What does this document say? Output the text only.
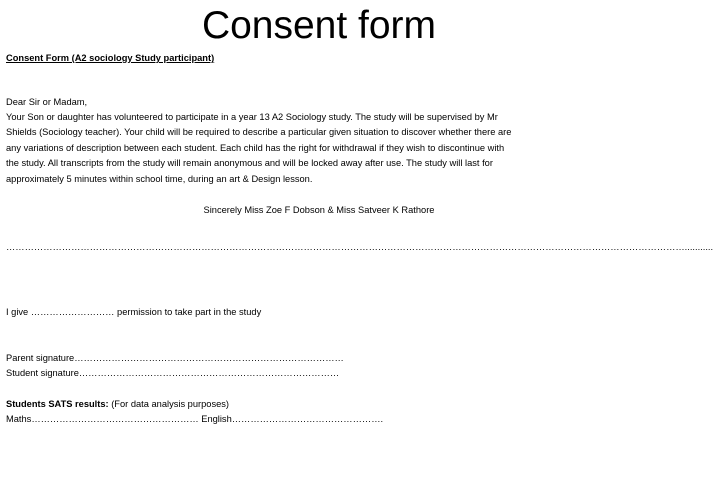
Consent form
Consent Form (A2 sociology Study participant)
Dear Sir or Madam,
Your Son or daughter has volunteered to participate in a year 13 A2 Sociology study. The study will be supervised by Mr
Shields (Sociology teacher). Your child will be required to describe a particular given situation to discover whether there are
any variations of description between each student. Each child has the right for withdrawal if they wish to discontinue with
the study. All transcripts from the study will remain anonymous and will be locked away after use. The study will last for
approximately 5 minutes within school time, during an art & Design lesson.
Sincerely Miss Zoe F Dobson & Miss Satveer K Rathore
…………………………………………………………………………………………………………………………………………………………………………………………………...........
I give ……………………… permission to take part in the study
Parent signature……………………………………………………………………………
Student signature…………………………………………………………………………
Students SATS results: (For data analysis purposes)
Maths……………………………………………… English………………………………………….
